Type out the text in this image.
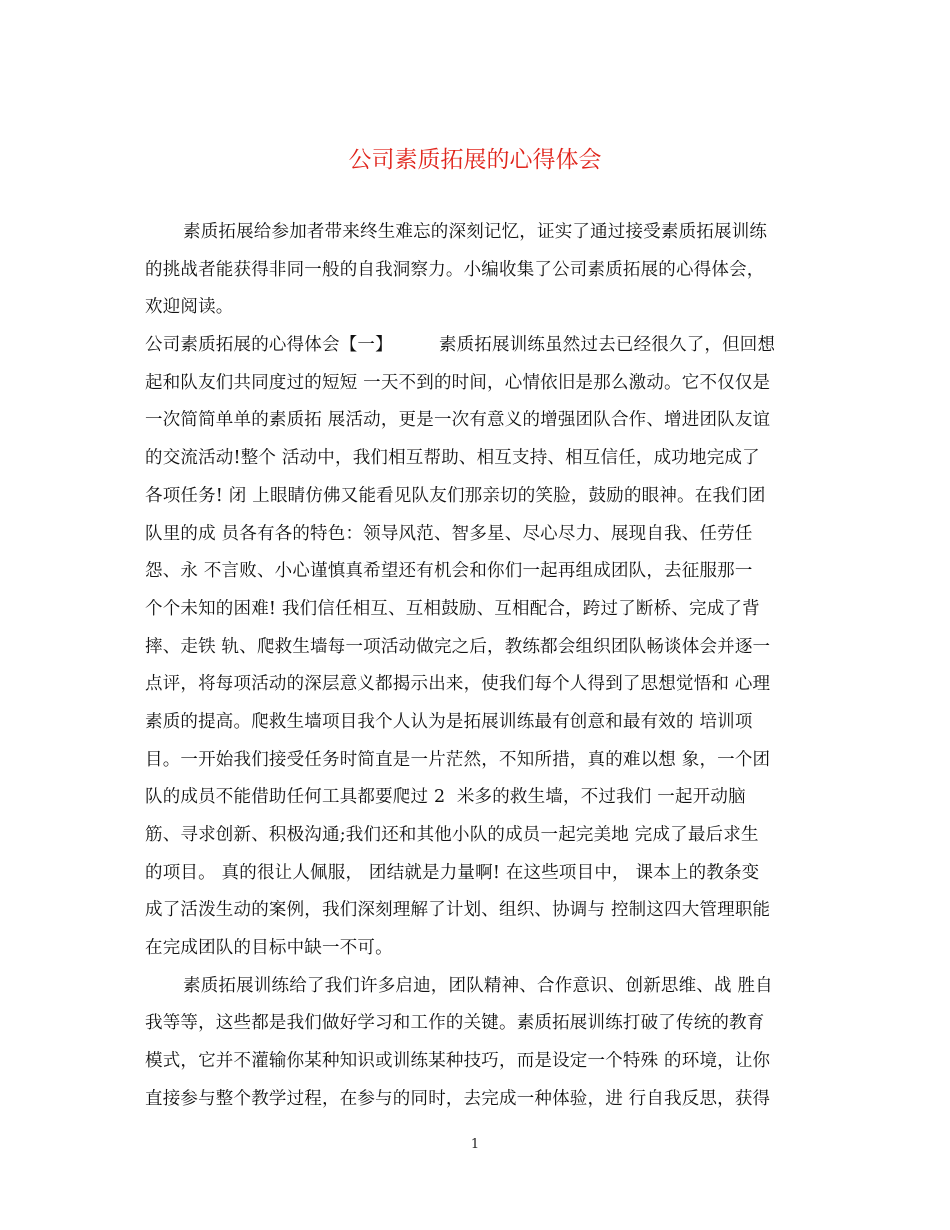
公司素质拓展的心得体会
素质拓展给参加者带来终生难忘的深刻记忆，证实了通过接受素质拓展训练
的挑战者能获得非同一般的自我洞察力。小编收集了公司素质拓展的心得体会，
欢迎阅读。
公司素质拓展的心得体会【一】        素质拓展训练虽然过去已经很久了，但回想
起和队友们共同度过的短短 一天不到的时间，心情依旧是那么激动。它不仅仅是
一次简简单单的素质拓 展活动，更是一次有意义的增强团队合作、增进团队友谊
的交流活动!整个 活动中，我们相互帮助、相互支持、相互信任，成功地完成了
各项任务! 闭 上眼睛仿佛又能看见队友们那亲切的笑脸，鼓励的眼神。在我们团
队里的成 员各有各的特色：领导风范、智多星、尽心尽力、展现自我、任劳任
怨、永 不言败、小心谨慎真希望还有机会和你们一起再组成团队，去征服那一
个个未知的困难! 我们信任相互、互相鼓励、互相配合，跨过了断桥、完成了背
摔、走铁 轨、爬救生墙每一项活动做完之后，教练都会组织团队畅谈体会并逐一
点评，将每项活动的深层意义都揭示出来，使我们每个人得到了思想觉悟和 心理
素质的提高。爬救生墙项目我个人认为是拓展训练最有创意和最有效的 培训项
目。一开始我们接受任务时简直是一片茫然，不知所措，真的难以想 象，一个团
队的成员不能借助任何工具都要爬过 2  米多的救生墙，不过我们 一起开动脑
筋、寻求创新、积极沟通;我们还和其他小队的成员一起完美地 完成了最后求生
的项目。 真的很让人佩服， 团结就是力量啊! 在这些项目中， 课本上的教条变
成了活泼生动的案例，我们深刻理解了计划、组织、协调与 控制这四大管理职能
在完成团队的目标中缺一不可。
素质拓展训练给了我们许多启迪，团队精神、合作意识、创新思维、战 胜自
我等等，这些都是我们做好学习和工作的关键。素质拓展训练打破了传统的教育
模式，它并不灌输你某种知识或训练某种技巧，而是设定一个特殊 的环境，让你
直接参与整个教学过程，在参与的同时，去完成一种体验，进 行自我反思，获得
1
